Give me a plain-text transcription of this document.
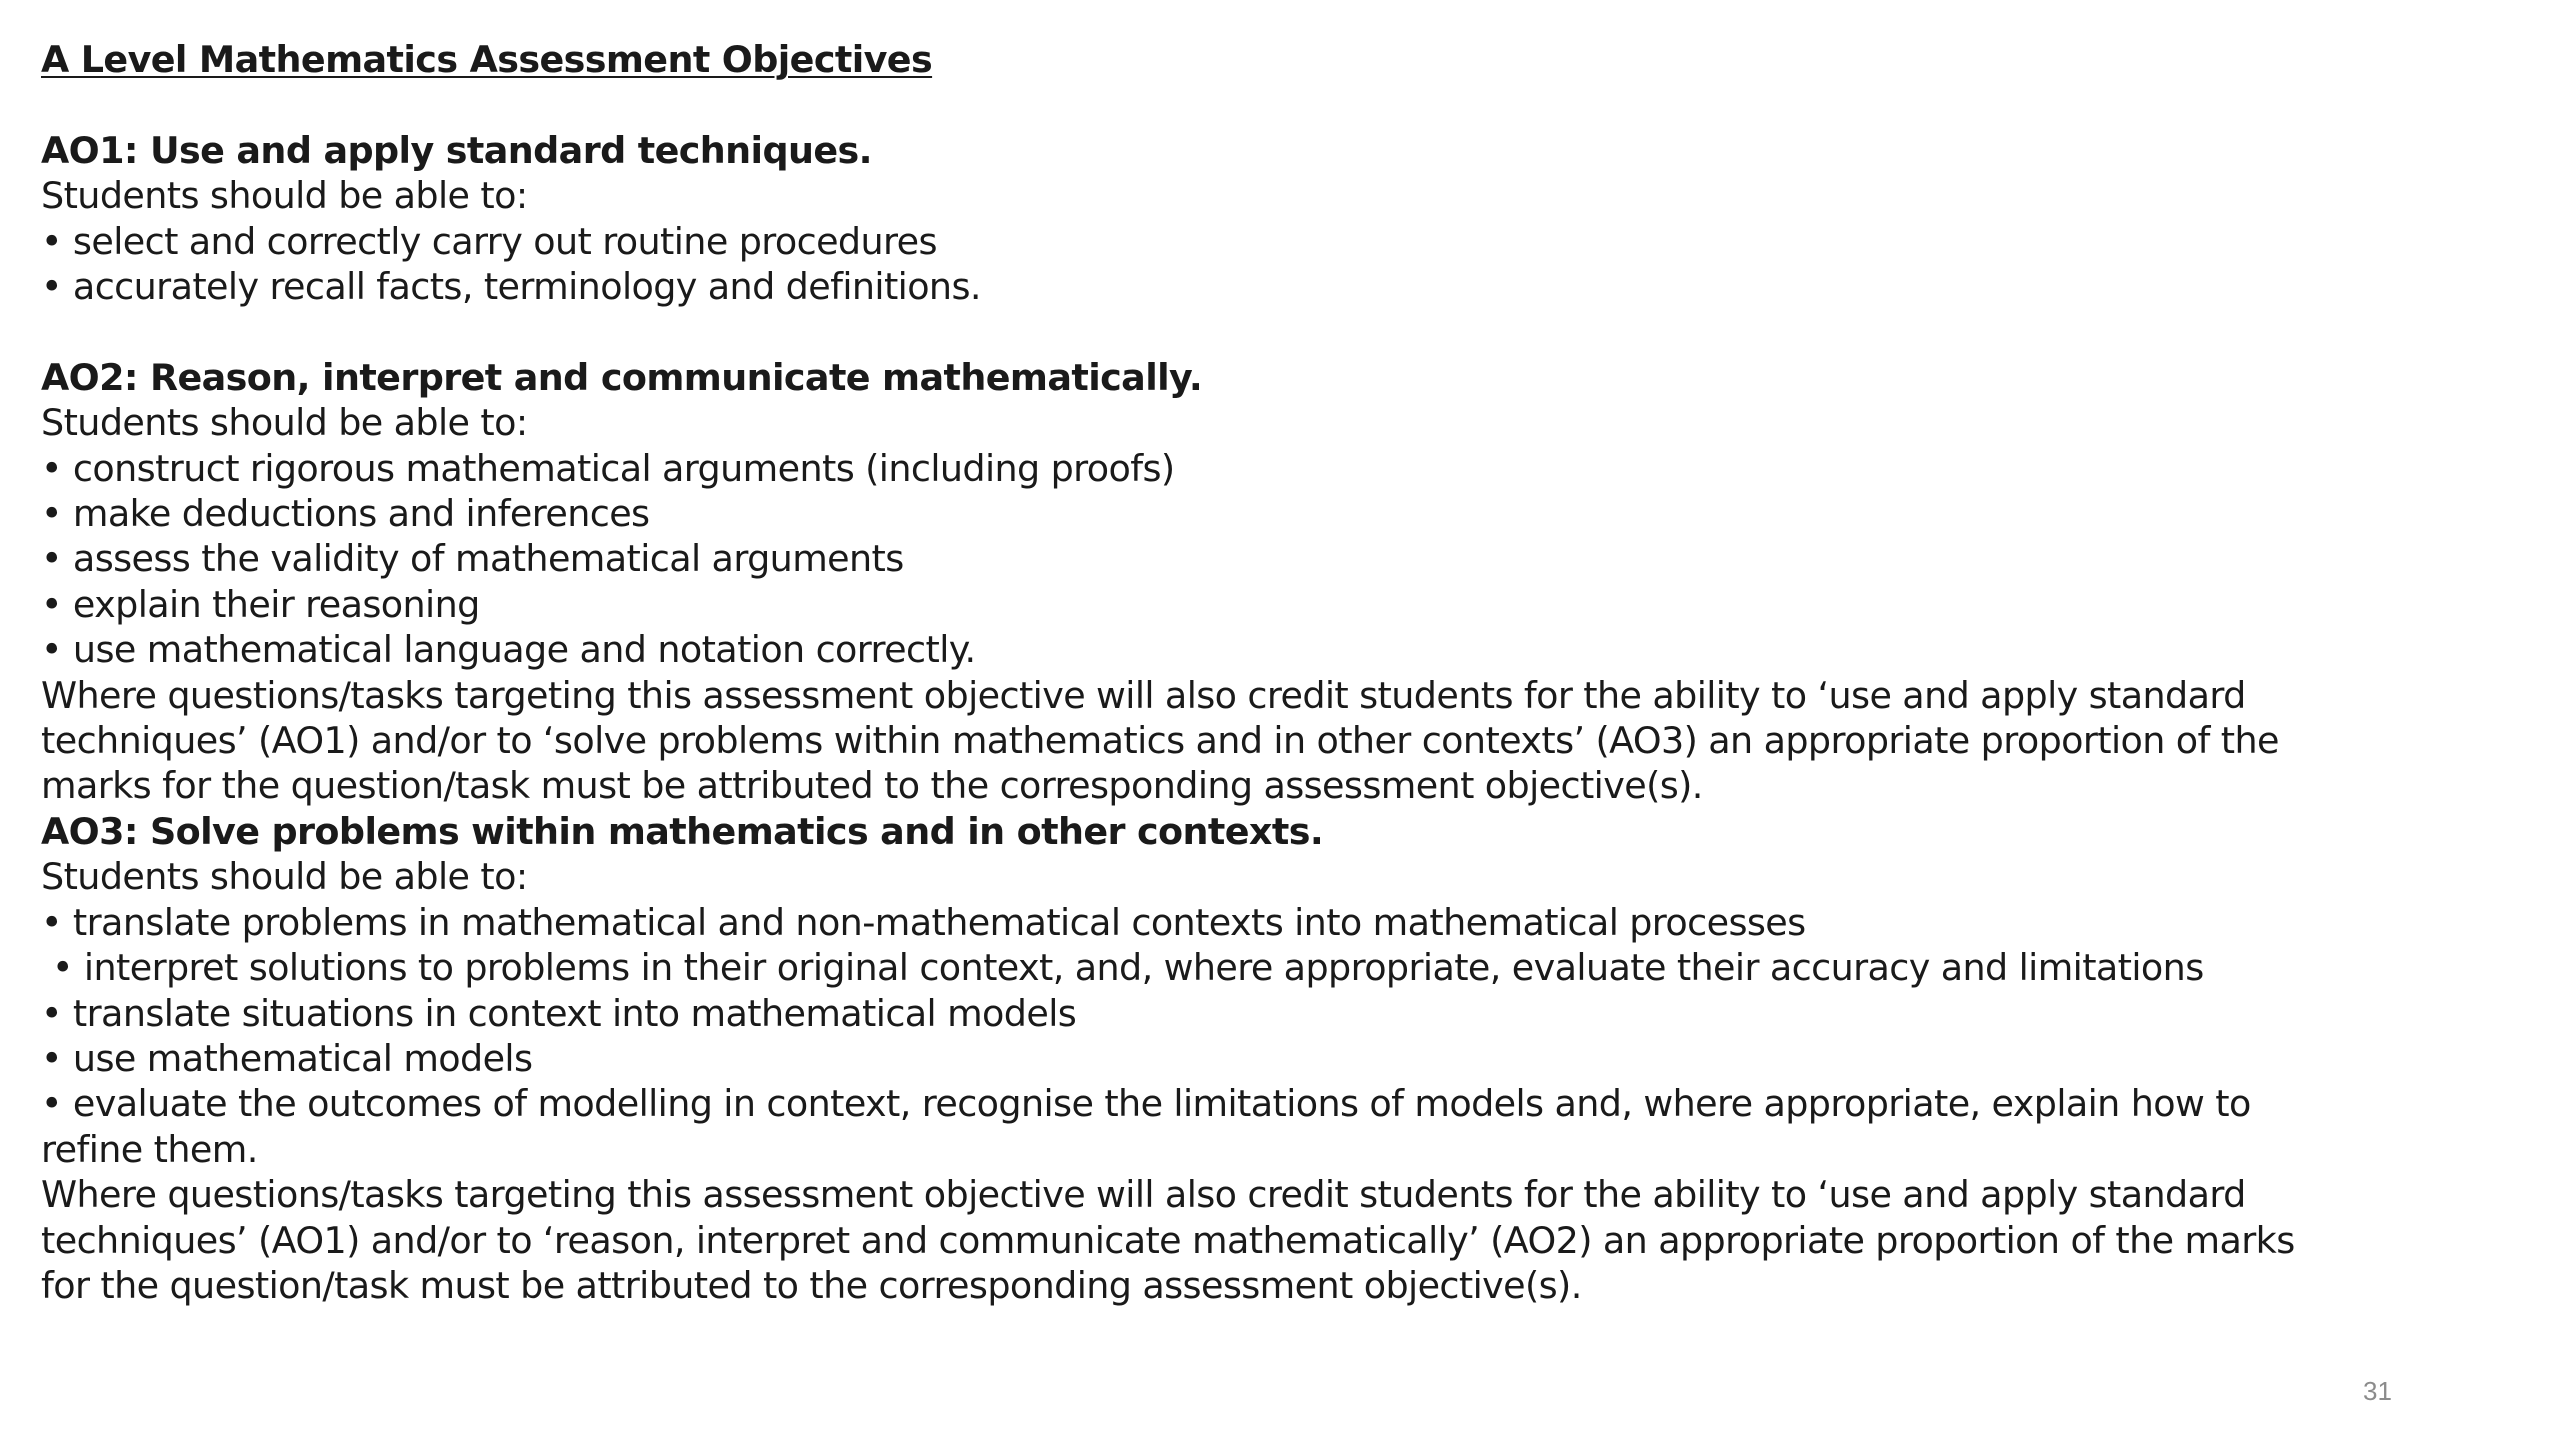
A Level Mathematics Assessment Objectives
AO1: Use and apply standard techniques.
Students should be able to:
• select and correctly carry out routine procedures
• accurately recall facts, terminology and definitions.
AO2: Reason, interpret and communicate mathematically.
Students should be able to:
• construct rigorous mathematical arguments (including proofs)
• make deductions and inferences
• assess the validity of mathematical arguments
• explain their reasoning
• use mathematical language and notation correctly.
Where questions/tasks targeting this assessment objective will also credit students for the ability to ‘use and apply standard
techniques’ (AO1) and/or to ‘solve problems within mathematics and in other contexts’ (AO3) an appropriate proportion of the
marks for the question/task must be attributed to the corresponding assessment objective(s).
AO3: Solve problems within mathematics and in other contexts.
Students should be able to:
• translate problems in mathematical and non-mathematical contexts into mathematical processes
• interpret solutions to problems in their original context, and, where appropriate, evaluate their accuracy and limitations
• translate situations in context into mathematical models
• use mathematical models
• evaluate the outcomes of modelling in context, recognise the limitations of models and, where appropriate, explain how to
refine them.
Where questions/tasks targeting this assessment objective will also credit students for the ability to ‘use and apply standard
techniques’ (AO1) and/or to ‘reason, interpret and communicate mathematically’ (AO2) an appropriate proportion of the marks
for the question/task must be attributed to the corresponding assessment objective(s).
31
